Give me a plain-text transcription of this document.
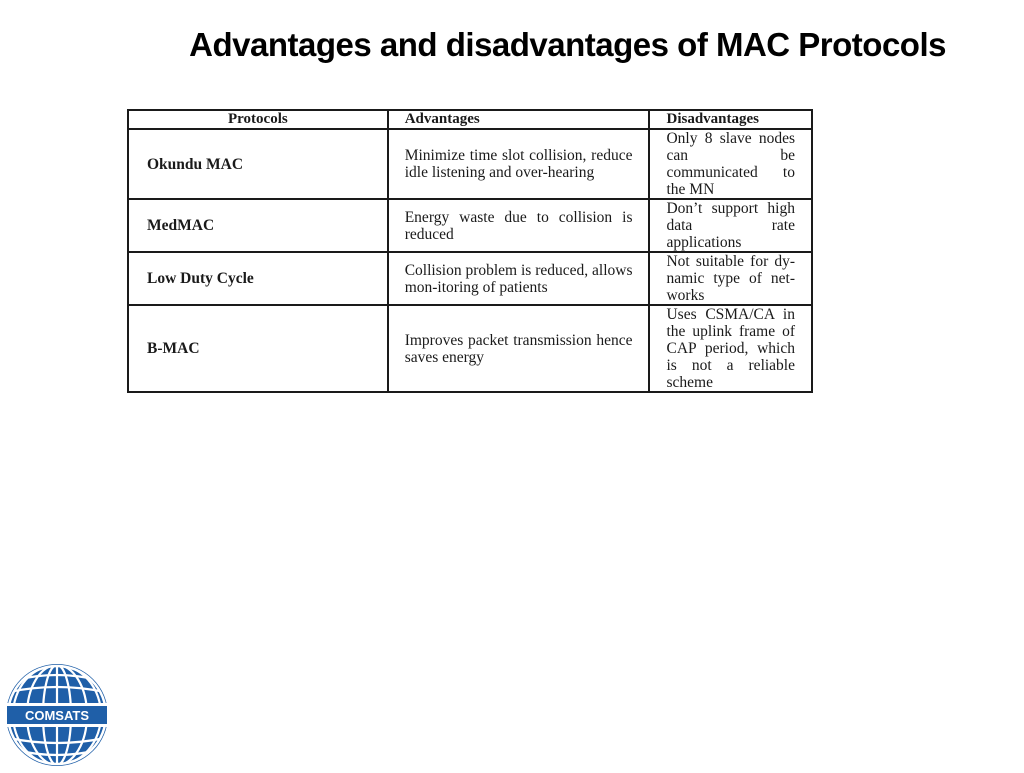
Advantages and disadvantages of MAC Protocols
Protocols	Advantages	Disadvantages
Okundu MAC	Minimize time slot collision, reduce idle listening and over-hearing	Only 8 slave nodes can be communicated to the MN
MedMAC	Energy waste due to collision is reduced	Don’t support high data rate applications
Low Duty Cycle	Collision problem is reduced, allows mon-itoring of patients	Not suitable for dy-namic type of net-works
B-MAC	Improves packet transmission hence saves energy	Uses CSMA/CA in the uplink frame of CAP period, which is not a reliable scheme
COMSATS
